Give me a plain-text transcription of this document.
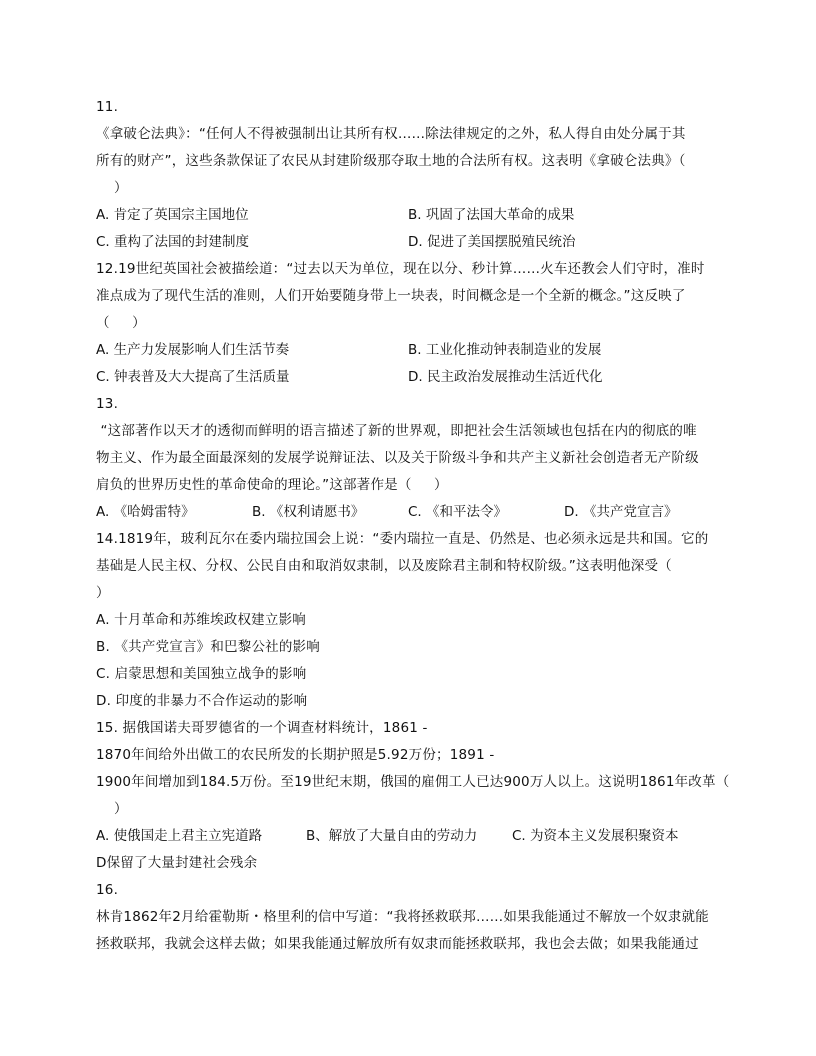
11.
《拿破仑法典》：“任何人不得被强制出让其所有权……除法律规定的之外，私人得自由处分属于其
所有的财产”，这些条款保证了农民从封建阶级那夺取土地的合法所有权。这表明《拿破仑法典》（
）
A. 肯定了英国宗主国地位	B. 巩固了法国大革命的成果
C. 重构了法国的封建制度	D. 促进了美国摆脱殖民统治
12.19世纪英国社会被描绘道：“过去以天为单位，现在以分、秒计算……火车还教会人们守时，准时
准点成为了现代生活的准则，人们开始要随身带上一块表，时间概念是一个全新的概念。”这反映了
（     ）
A. 生产力发展影响人们生活节奏	B. 工业化推动钟表制造业的发展
C. 钟表普及大大提高了生活质量	D. 民主政治发展推动生活近代化
13.
“这部著作以天才的透彻而鲜明的语言描述了新的世界观，即把社会生活领域也包括在内的彻底的唯
物主义、作为最全面最深刻的发展学说辩证法、以及关于阶级斗争和共产主义新社会创造者无产阶级
肩负的世界历史性的革命使命的理论。”这部著作是（     ）
A. 《哈姆雷特》	B. 《权利请愿书》	C. 《和平法令》	D. 《共产党宣言》
14.1819年，玻利瓦尔在委内瑞拉国会上说：“委内瑞拉一直是、仍然是、也必须永远是共和国。它的
基础是人民主权、分权、公民自由和取消奴隶制，以及废除君主制和特权阶级。”这表明他深受（
）
A. 十月革命和苏维埃政权建立影响
B. 《共产党宣言》和巴黎公社的影响
C. 启蒙思想和美国独立战争的影响
D. 印度的非暴力不合作运动的影响
15. 据俄国诺夫哥罗德省的一个调查材料统计，1861 -
1870年间给外出做工的农民所发的长期护照是5.92万份；1891 -
1900年间增加到184.5万份。至19世纪末期，俄国的雇佣工人已达900万人以上。这说明1861年改革（
）
A. 使俄国走上君主立宪道路	B、解放了大量自由的劳动力	C. 为资本主义发展积聚资本
D保留了大量封建社会残余
16.
林肯1862年2月给霍勒斯・格里利的信中写道：“我将拯救联邦……如果我能通过不解放一个奴隶就能
拯救联邦，我就会这样去做；如果我能通过解放所有奴隶而能拯救联邦，我也会去做；如果我能通过
